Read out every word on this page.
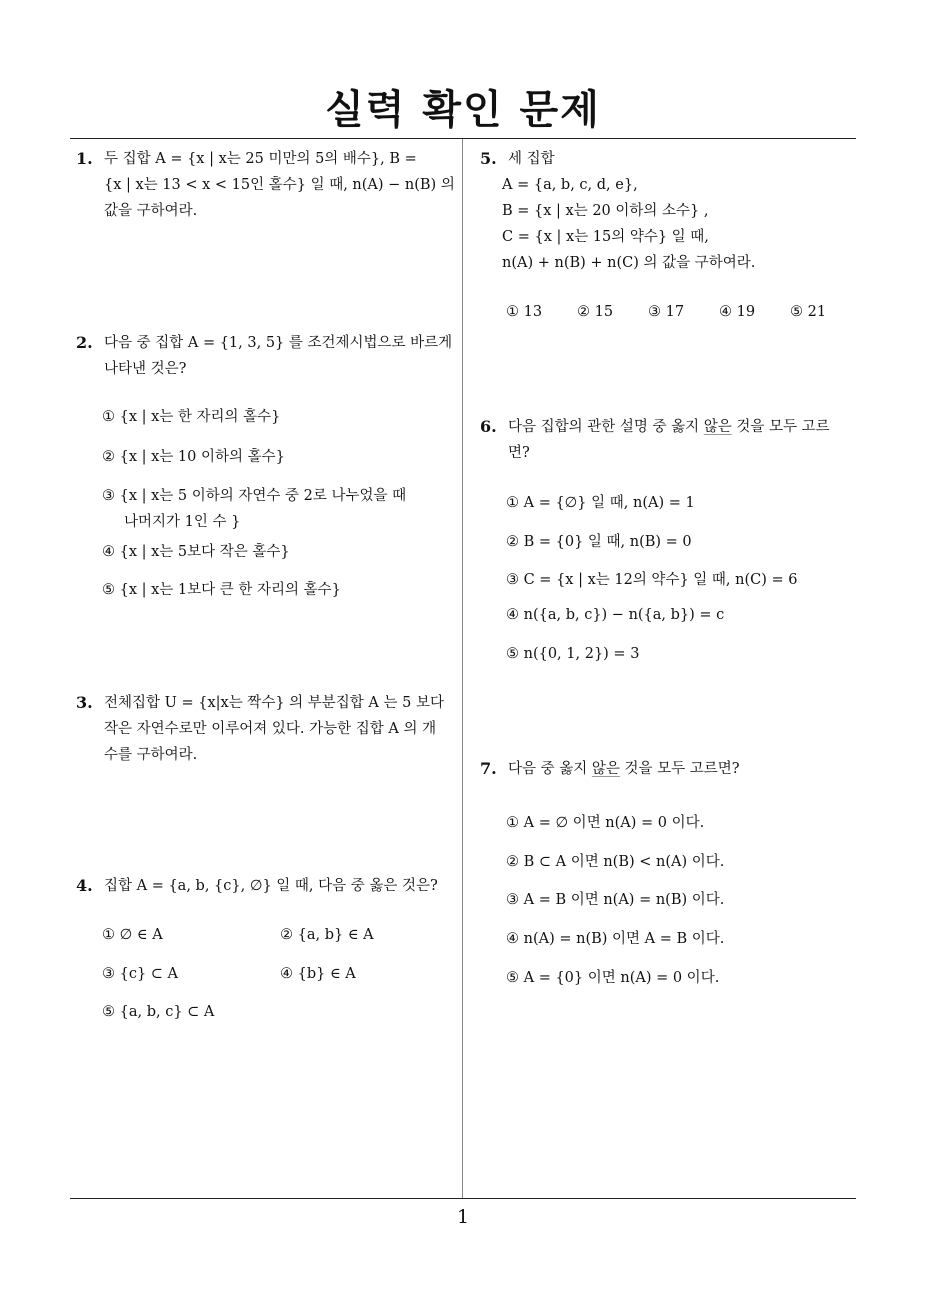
실력 확인 문제
1
1. 두 집합 A = {x | x는 25 미만의 5의 배수}, B =
{x | x는 13 < x < 15인 홀수} 일 때, n(A) − n(B) 의
값을 구하여라.
2. 다음 중 집합 A = {1, 3, 5} 를 조건제시법으로 바르게
나타낸 것은?
① {x | x는 한 자리의 홀수}
② {x | x는 10 이하의 홀수}
③ {x | x는 5 이하의 자연수 중 2로 나누었을 때
나머지가 1인 수 }
④ {x | x는 5보다 작은 홀수}
⑤ {x | x는 1보다 큰 한 자리의 홀수}
3. 전체집합 U = {x|x는 짝수} 의 부분집합 A 는 5 보다
작은 자연수로만 이루어져 있다. 가능한 집합 A 의 개
수를 구하여라.
4. 집합 A = {a, b, {c}, ∅} 일 때, 다음 중 옳은 것은?
① ∅ ∈ A	② {a, b} ∈ A
③ {c} ⊂ A	④ {b} ∈ A
⑤ {a, b, c} ⊂ A
5. 세 집합
A = {a, b, c, d, e},
B = {x | x는 20 이하의 소수} ,
C = {x | x는 15의 약수} 일 때,
n(A) + n(B) + n(C) 의 값을 구하여라.
① 13 ② 15 ③ 17 ④ 19 ⑤ 21
6. 다음 집합의 관한 설명 중 옳지 않은 것을 모두 고르
면?
① A = {∅} 일 때, n(A) = 1
② B = {0} 일 때, n(B) = 0
③ C = {x | x는 12의 약수} 일 때, n(C) = 6
④ n({a, b, c}) − n({a, b}) = c
⑤ n({0, 1, 2}) = 3
7. 다음 중 옳지 않은 것을 모두 고르면?
① A = ∅ 이면 n(A) = 0 이다.
② B ⊂ A 이면 n(B) < n(A) 이다.
③ A = B 이면 n(A) = n(B) 이다.
④ n(A) = n(B) 이면 A = B 이다.
⑤ A = {0} 이면 n(A) = 0 이다.
